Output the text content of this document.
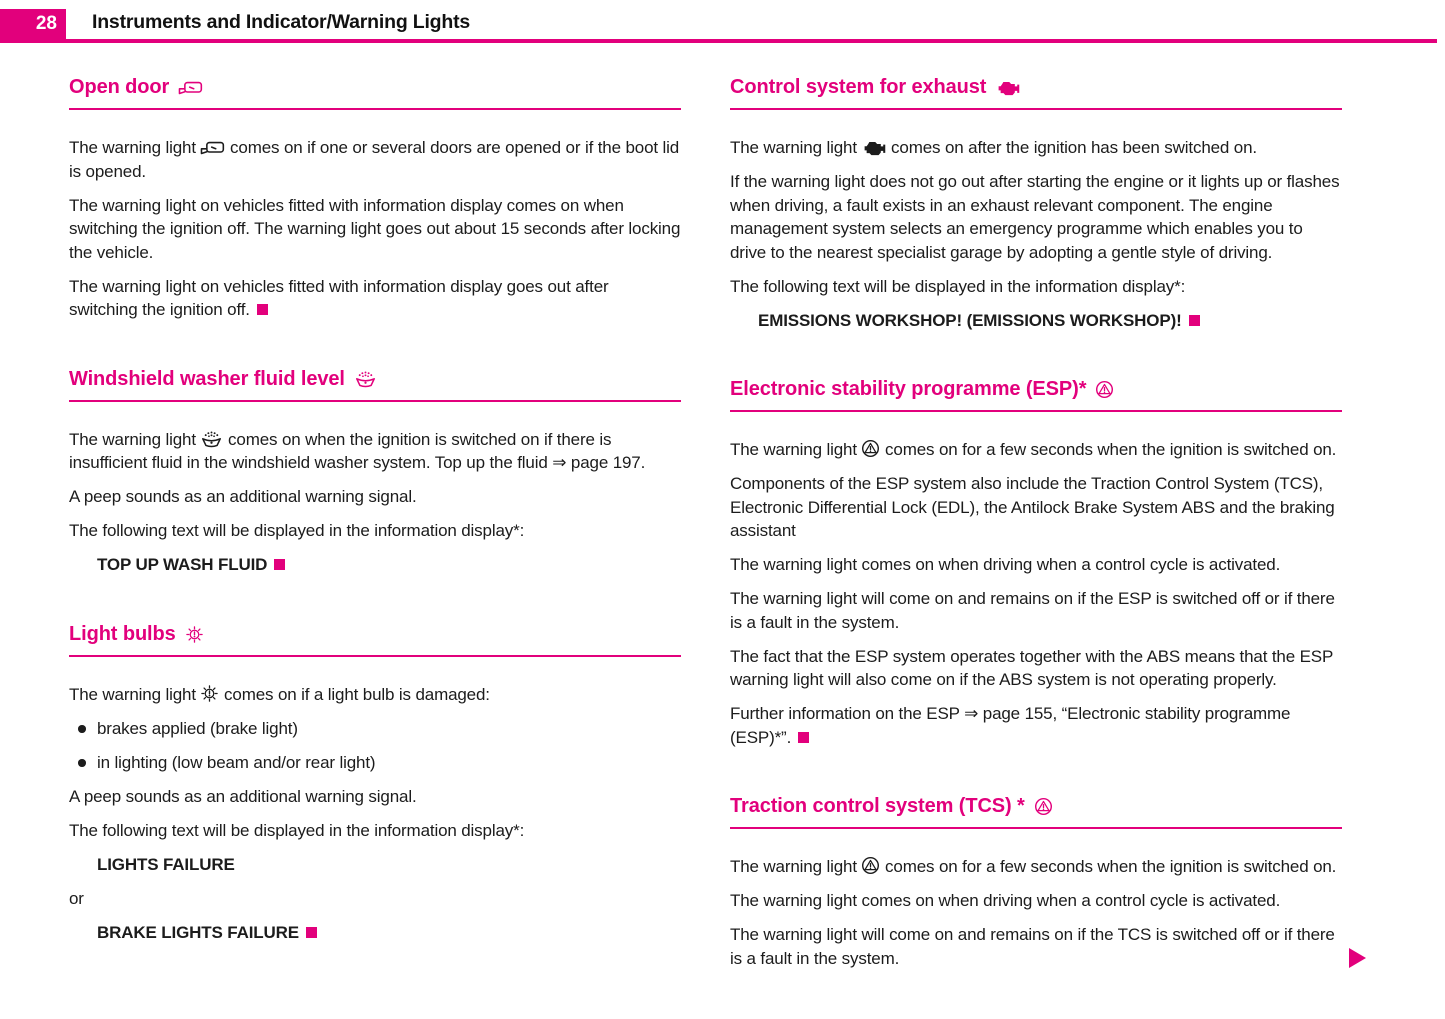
28 Instruments and Indicator/Warning Lights
Open door

The warning light  comes on if one or several doors are opened or if the boot lid is opened.

The warning light on vehicles fitted with information display comes on when switching the ignition off. The warning light goes out about 15 seconds after locking the vehicle.

The warning light on vehicles fitted with information display goes out after switching the ignition off.

Windshield washer fluid level

The warning light  comes on when the ignition is switched on if there is insufficient fluid in the windshield washer system. Top up the fluid ⇒ page 197.

A peep sounds as an additional warning signal.

The following text will be displayed in the information display*:

TOP UP WASH FLUID

Light bulbs

The warning light  comes on if a light bulb is damaged:

brakes applied (brake light)

in lighting (low beam and/or rear light)

A peep sounds as an additional warning signal.

The following text will be displayed in the information display*:

LIGHTS FAILURE

or

BRAKE LIGHTS FAILURE

Control system for exhaust

The warning light  comes on after the ignition has been switched on.

If the warning light does not go out after starting the engine or it lights up or flashes when driving, a fault exists in an exhaust relevant component. The engine management system selects an emergency programme which enables you to drive to the nearest specialist garage by adopting a gentle style of driving.

The following text will be displayed in the information display*:

EMISSIONS WORKSHOP! (EMISSIONS WORKSHOP)!

Electronic stability programme (ESP)*

The warning light  comes on for a few seconds when the ignition is switched on.

Components of the ESP system also include the Traction Control System (TCS), Electronic Differential Lock (EDL), the Antilock Brake System ABS and the braking assistant

The warning light comes on when driving when a control cycle is activated.

The warning light will come on and remains on if the ESP is switched off or if there is a fault in the system.

The fact that the ESP system operates together with the ABS means that the ESP warning light will also come on if the ABS system is not operating properly.

Further information on the ESP ⇒ page 155, “Electronic stability programme (ESP)*”.

Traction control system (TCS) *

The warning light  comes on for a few seconds when the ignition is switched on.

The warning light comes on when driving when a control cycle is activated.

The warning light will come on and remains on if the TCS is switched off or if there is a fault in the system.
